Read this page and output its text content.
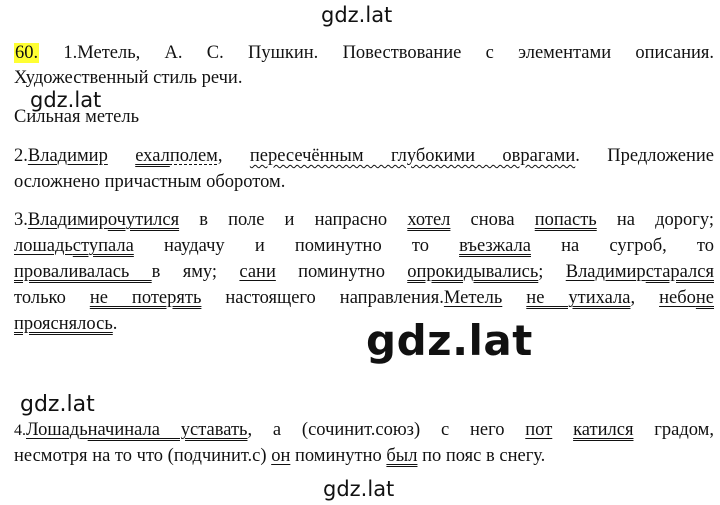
gdz.lat
gdz.lat
gdz.lat
gdz.lat
gdz.lat
60. 1.Метель, А. С. Пушкин. Повествование с элементами описания.
Художественный стиль речи.
Сильная метель
2.Владимир ехалполем, пересечённым глубокими оврагами. Предложение
осложнено причастным оборотом.
3.Владимирочутился в поле и напрасно хотел снова попасть на дорогу;
лошадьступала наудачу и поминутно то въезжала на сугроб, то
проваливалась в яму; сани поминутно опрокидывались; Владимирстарался
только не потерять настоящего направления.Метель не утихала, небоне
прояснялось.
4.Лошадьначинала уставать, а (сочинит.союз) с него пот катился градом,
несмотря на то что (подчинит.с) он поминутно был по пояс в снегу.
